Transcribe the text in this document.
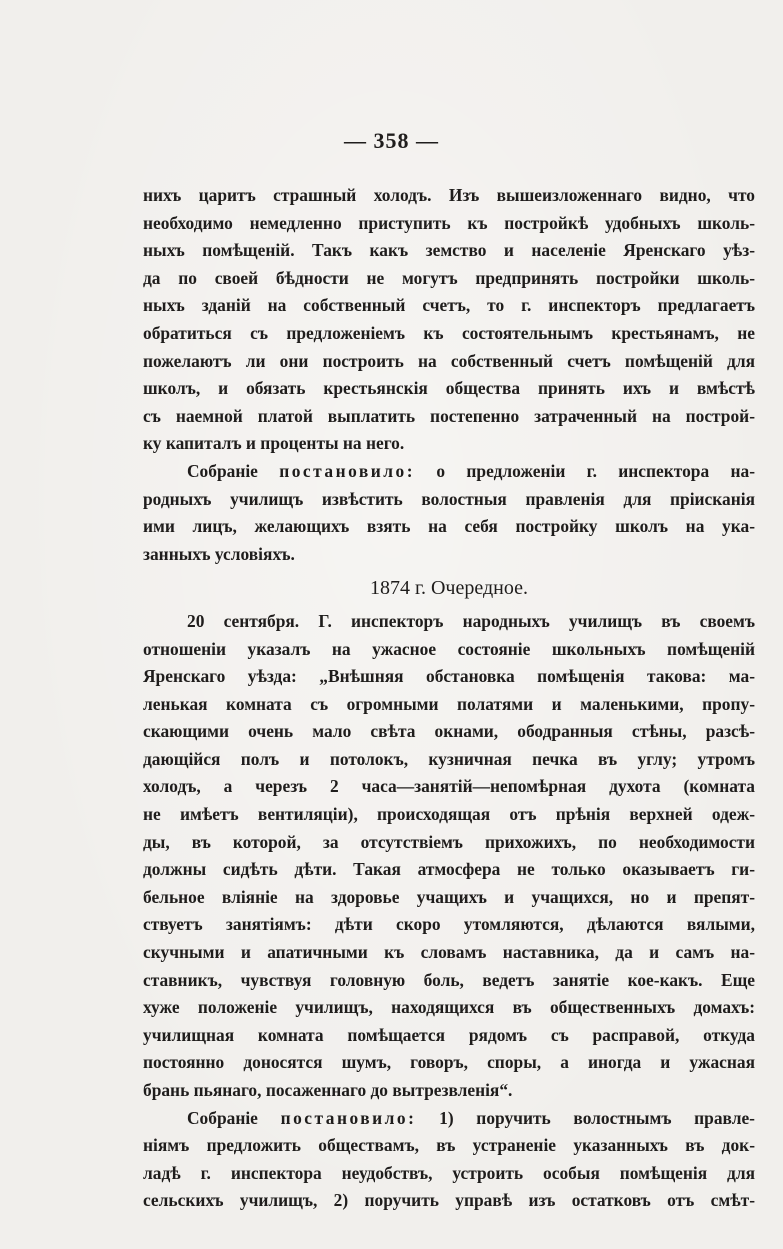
— 358 —
нихъ царитъ страшный холодъ. Изъ вышеизложеннаго видно, что
необходимо немедленно приступить къ постройкѣ удобныхъ школь-
ныхъ помѣщеній. Такъ какъ земство и населеніе Яренскаго уѣз-
да по своей бѣдности не могутъ предпринять постройки школь-
ныхъ зданій на собственный счетъ, то г. инспекторъ предлагаетъ
обратиться съ предложеніемъ къ состоятельнымъ крестьянамъ, не
пожелаютъ ли они построить на собственный счетъ помѣщеній для
школъ, и обязать крестьянскія общества принять ихъ и вмѣстѣ
съ наемной платой выплатить постепенно затраченный на построй-
ку капиталъ и проценты на него.
Собраніе постановило: о предложеніи г. инспектора на-
родныхъ училищъ извѣстить волостныя правленія для пріисканія
ими лицъ, желающихъ взять на себя постройку школъ на ука-
занныхъ условіяхъ.
1874 г. Очередное.
20 сентября. Г. инспекторъ народныхъ училищъ въ своемъ
отношеніи указалъ на ужасное состояніе школьныхъ помѣщеній
Яренскаго уѣзда: „Внѣшняя обстановка помѣщенія такова: ма-
ленькая комната съ огромными полатями и маленькими, пропу-
скающими очень мало свѣта окнами, ободранныя стѣны, разсѣ-
дающійся полъ и потолокъ, кузничная печка въ углу; утромъ
холодъ, а черезъ 2 часа—занятій—непомѣрная духота (комната
не имѣетъ вентиляціи), происходящая отъ прѣнія верхней одеж-
ды, въ которой, за отсутствіемъ прихожихъ, по необходимости
должны сидѣть дѣти. Такая атмосфера не только оказываетъ ги-
бельное вліяніе на здоровье учащихъ и учащихся, но и препят-
ствуетъ занятіямъ: дѣти скоро утомляются, дѣлаются вялыми,
скучными и апатичными къ словамъ наставника, да и самъ на-
ставникъ, чувствуя головную боль, ведетъ занятіе кое-какъ. Еще
хуже положеніе училищъ, находящихся въ общественныхъ домахъ:
училищная комната помѣщается рядомъ съ расправой, откуда
постоянно доносятся шумъ, говоръ, споры, а иногда и ужасная
брань пьянаго, посаженнаго до вытрезвленія“.
Собраніе постановило: 1) поручить волостнымъ правле-
ніямъ предложить обществамъ, въ устраненіе указанныхъ въ док-
ладѣ г. инспектора неудобствъ, устроить особыя помѣщенія для
сельскихъ училищъ, 2) поручить управѣ изъ остатковъ отъ смѣт-
